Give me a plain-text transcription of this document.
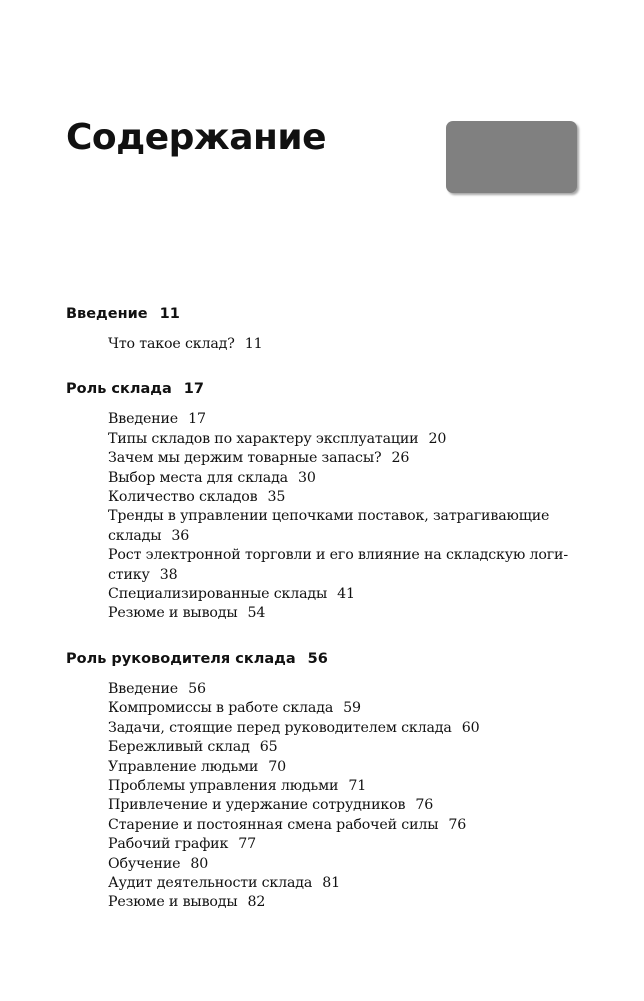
Содержание

Введение 11

Что такое склад? 11

Роль склада 17

Введение 17
Типы складов по характеру эксплуатации 20
Зачем мы держим товарные запасы? 26
Выбор места для склада 30
Количество складов 35
Тренды в управлении цепочками поставок, затрагивающие
склады 36
Рост электронной торговли и его влияние на складскую логи-
стику 38
Специализированные склады 41
Резюме и выводы 54

Роль руководителя склада 56

Введение 56
Компромиссы в работе склада 59
Задачи, стоящие перед руководителем склада 60
Бережливый склад 65
Управление людьми 70
Проблемы управления людьми 71
Привлечение и удержание сотрудников 76
Старение и постоянная смена рабочей силы 76
Рабочий график 77
Обучение 80
Аудит деятельности склада 81
Резюме и выводы 82
